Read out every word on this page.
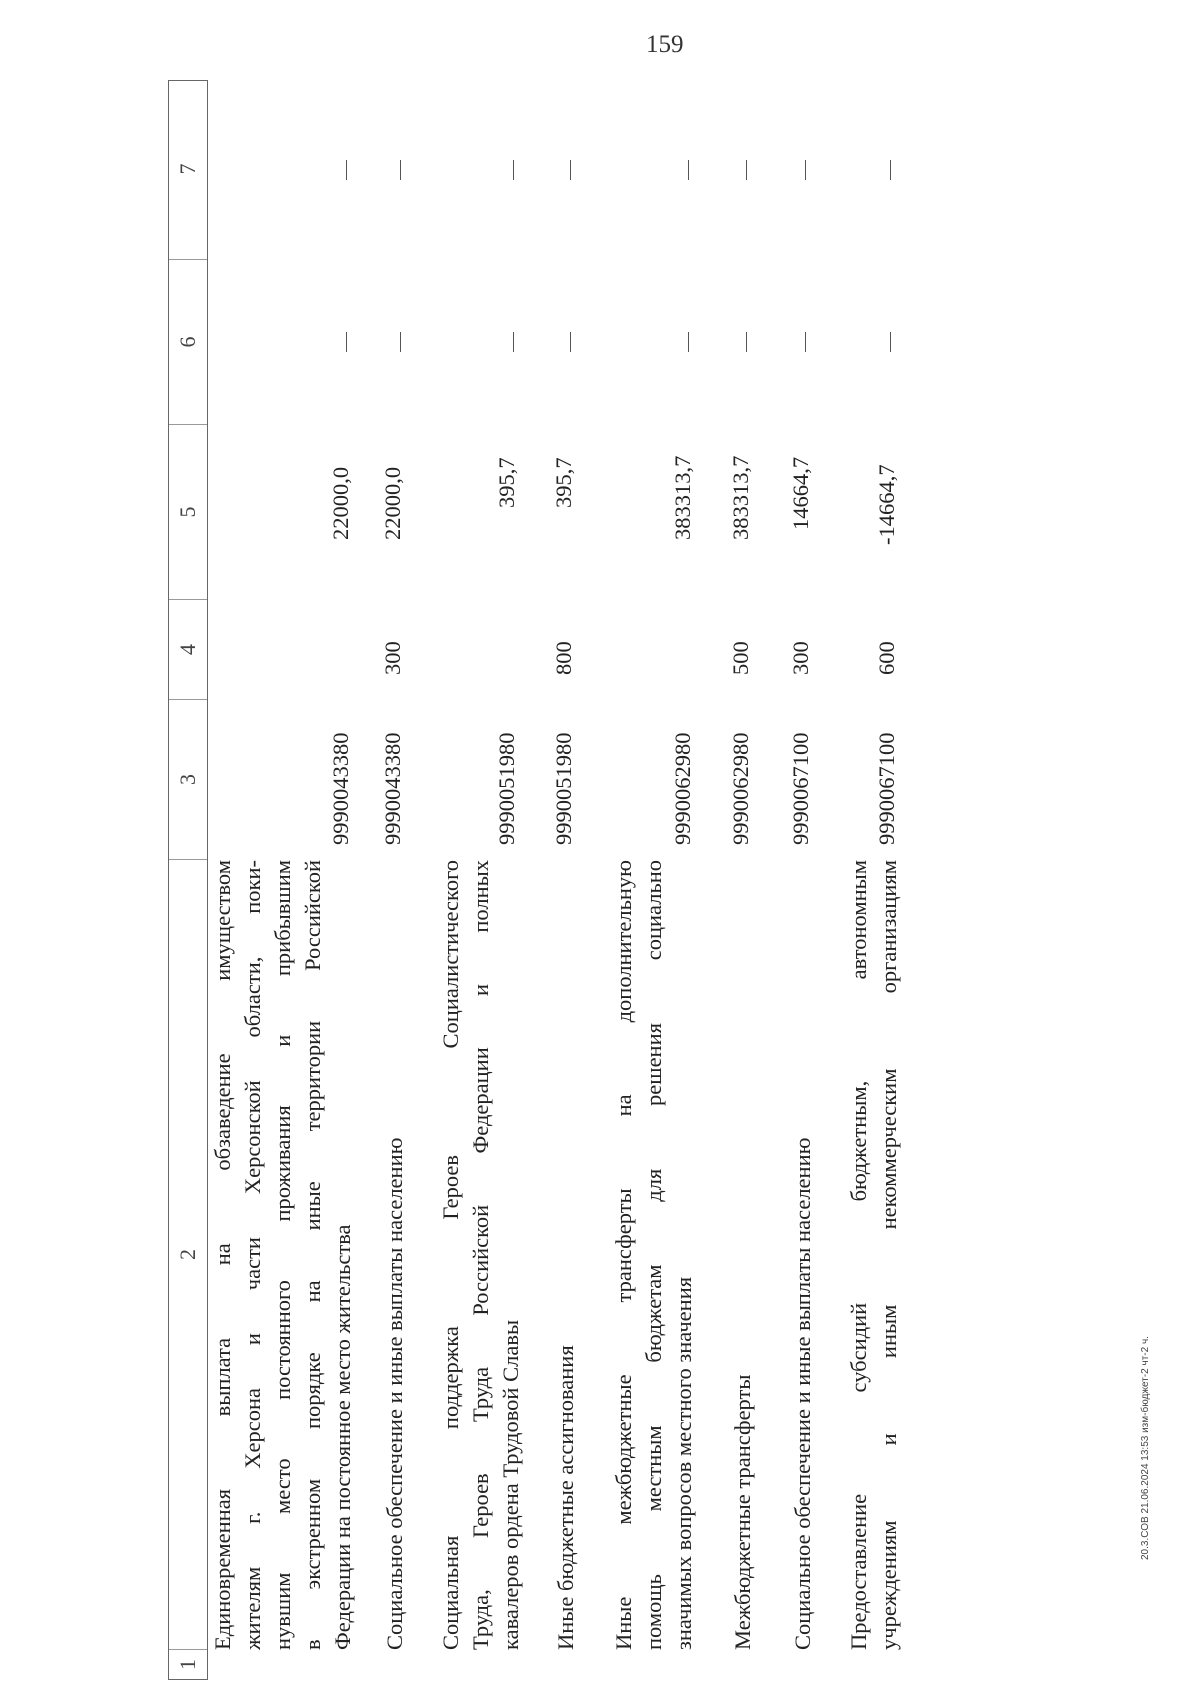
159
20.3.СОВ 21.06.2024 13:53 изм-бюджет-2 чт-2 ч.
1
2
3
4
5
6
7
Единовременная выплата на обзаведение имуществом жителям г. Херсона и части Херсонской области, поки- нувшим место постоянного проживания и прибывшим в экстренном порядке на иные территории Российской Федерации на постоянное место жительства
9990043380
22000,0
Социальное обеспечение и иные выплаты населению
9990043380
300
22000,0
Социальная поддержка Героев Социалистического Труда, Героев Труда Российской Федерации и полных кавалеров ордена Трудовой Славы
9990051980
395,7
Иные бюджетные ассигнования
9990051980
800
395,7
Иные межбюджетные трансферты на дополнительную помощь местным бюджетам для решения социально значимых вопросов местного значения
9990062980
383313,7
Межбюджетные трансферты
9990062980
500
383313,7
Социальное обеспечение и иные выплаты населению
9990067100
300
14664,7
Предоставление субсидий бюджетным, автономным учреждениям и иным некоммерческим организациям
9990067100
600
-14664,7
